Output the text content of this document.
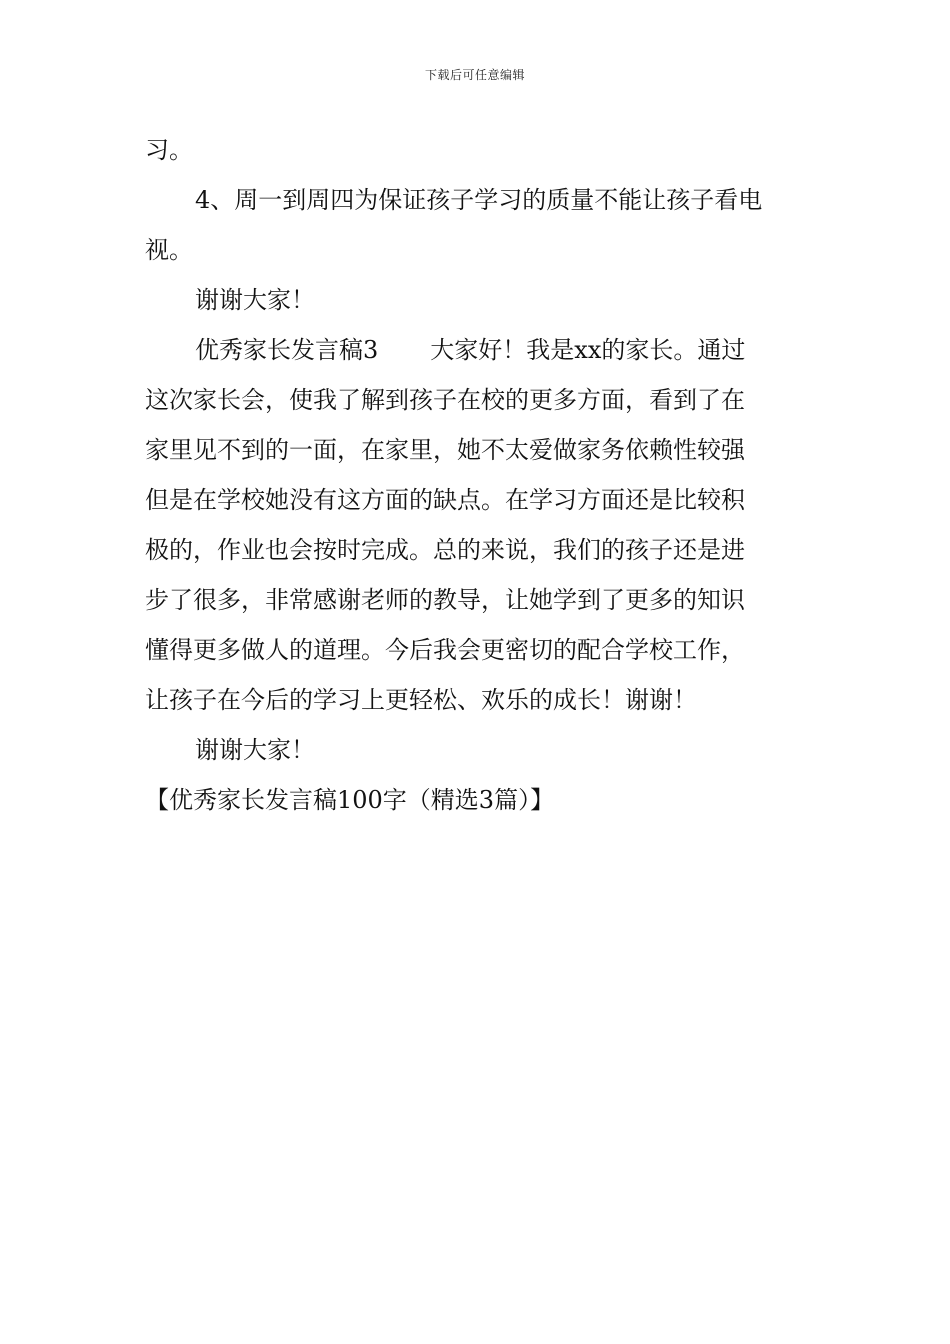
下载后可任意编辑
习。
4、周一到周四为保证孩子学习的质量不能让孩子看电
视。
谢谢大家！
优秀家长发言稿3 大家好！我是xx的家长。通过
这次家长会，使我了解到孩子在校的更多方面，看到了在
家里见不到的一面，在家里，她不太爱做家务依赖性较强
但是在学校她没有这方面的缺点。在学习方面还是比较积
极的，作业也会按时完成。总的来说，我们的孩子还是进
步了很多，非常感谢老师的教导，让她学到了更多的知识
懂得更多做人的道理。今后我会更密切的配合学校工作，
让孩子在今后的学习上更轻松、欢乐的成长！谢谢！
谢谢大家！
【优秀家长发言稿100字（精选3篇）】
